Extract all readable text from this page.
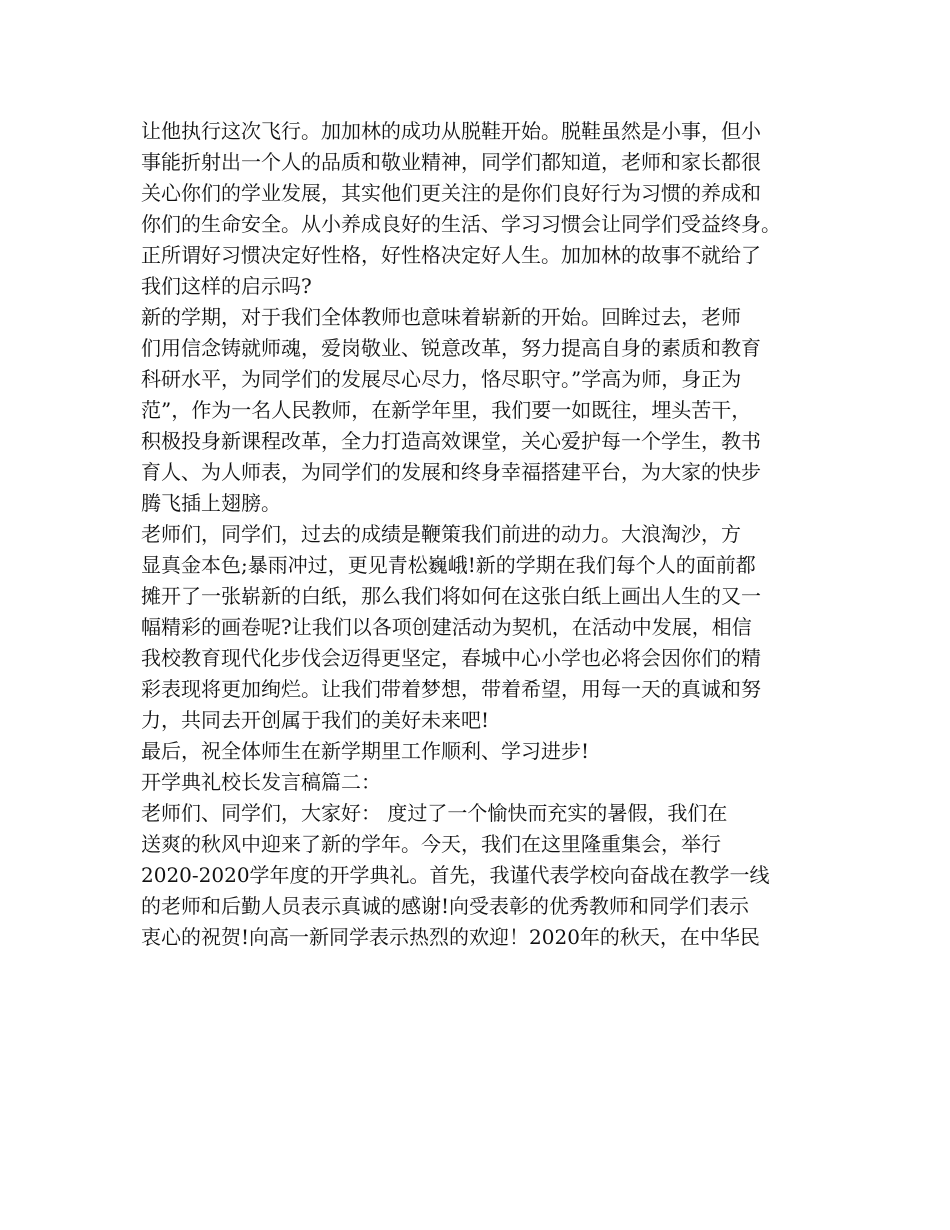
让他执行这次飞行。加加林的成功从脱鞋开始。脱鞋虽然是小事，但小
事能折射出一个人的品质和敬业精神，同学们都知道，老师和家长都很
关心你们的学业发展，其实他们更关注的是你们良好行为习惯的养成和
你们的生命安全。从小养成良好的生活、学习习惯会让同学们受益终身。
正所谓好习惯决定好性格，好性格决定好人生。加加林的故事不就给了
我们这样的启示吗?
新的学期，对于我们全体教师也意味着崭新的开始。回眸过去，老师
们用信念铸就师魂，爱岗敬业、锐意改革，努力提高自身的素质和教育
科研水平，为同学们的发展尽心尽力，恪尽职守。”学高为师，身正为
范”，作为一名人民教师，在新学年里，我们要一如既往，埋头苦干，
积极投身新课程改革，全力打造高效课堂，关心爱护每一个学生，教书
育人、为人师表，为同学们的发展和终身幸福搭建平台，为大家的快步
腾飞插上翅膀。
老师们，同学们，过去的成绩是鞭策我们前进的动力。大浪淘沙，方
显真金本色;暴雨冲过，更见青松巍峨!新的学期在我们每个人的面前都
摊开了一张崭新的白纸，那么我们将如何在这张白纸上画出人生的又一
幅精彩的画卷呢?让我们以各项创建活动为契机，在活动中发展，相信
我校教育现代化步伐会迈得更坚定，春城中心小学也必将会因你们的精
彩表现将更加绚烂。让我们带着梦想，带着希望，用每一天的真诚和努
力，共同去开创属于我们的美好未来吧!
最后，祝全体师生在新学期里工作顺利、学习进步!
开学典礼校长发言稿篇二：
老师们、同学们，大家好： 度过了一个愉快而充实的暑假，我们在
送爽的秋风中迎来了新的学年。今天，我们在这里隆重集会，举行
2020-2020学年度的开学典礼。首先，我谨代表学校向奋战在教学一线
的老师和后勤人员表示真诚的感谢!向受表彰的优秀教师和同学们表示
衷心的祝贺!向高一新同学表示热烈的欢迎！2020年的秋天，在中华民
